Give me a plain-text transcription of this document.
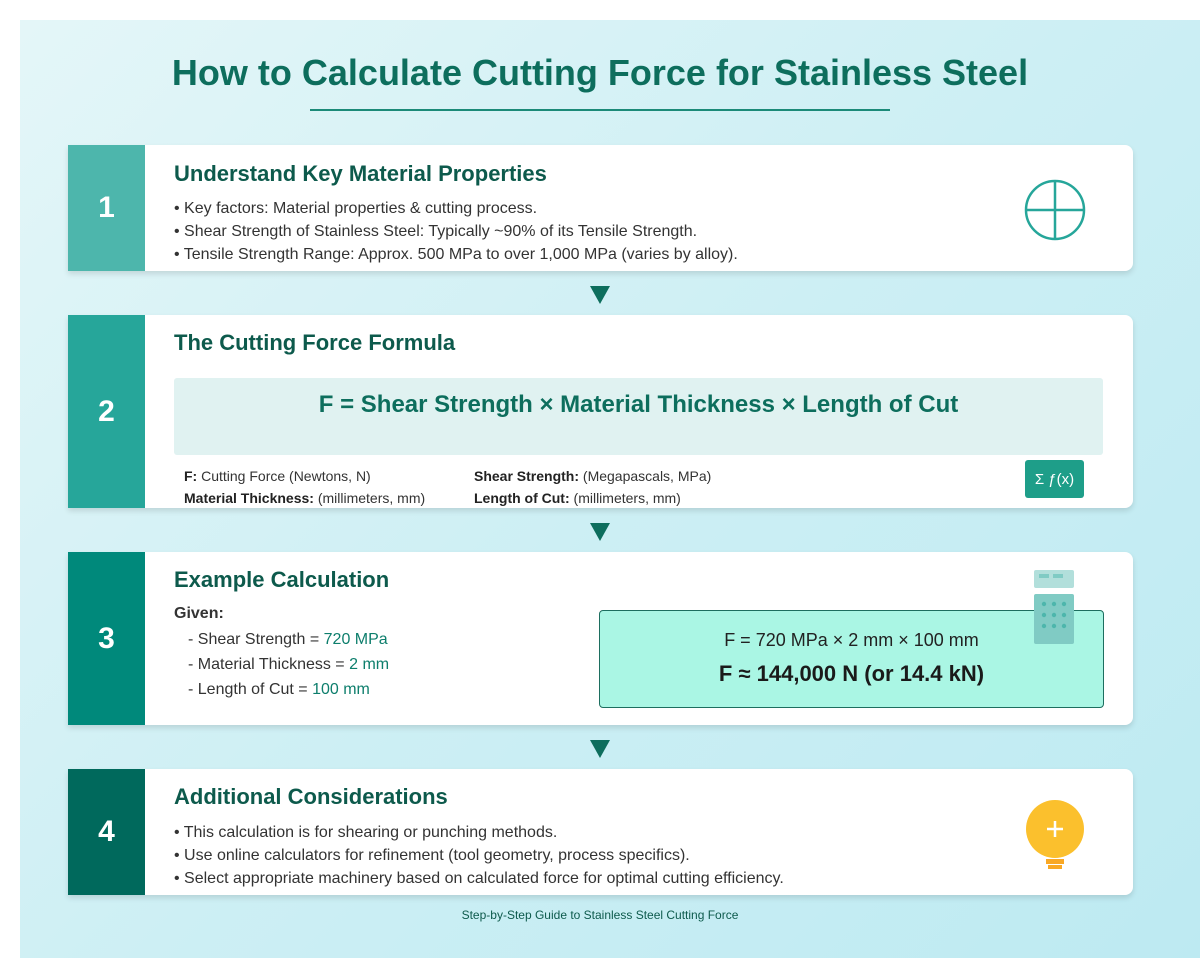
How to Calculate Cutting Force for Stainless Steel
1
Understand Key Material Properties
• Key factors: Material properties & cutting process.
• Shear Strength of Stainless Steel: Typically ~90% of its Tensile Strength.
• Tensile Strength Range: Approx. 500 MPa to over 1,000 MPa (varies by alloy).
2
The Cutting Force Formula
F = Shear Strength × Material Thickness × Length of Cut
F: Cutting Force (Newtons, N)	Shear Strength: (Megapascals, MPa)
Material Thickness: (millimeters, mm)	Length of Cut: (millimeters, mm)
Σ ƒ(x)
3
Example Calculation
Given:
- Shear Strength = 720 MPa
- Material Thickness = 2 mm
- Length of Cut = 100 mm
F = 720 MPa × 2 mm × 100 mm
F ≈ 144,000 N (or 14.4 kN)
4
Additional Considerations
• This calculation is for shearing or punching methods.
• Use online calculators for refinement (tool geometry, process specifics).
• Select appropriate machinery based on calculated force for optimal cutting efficiency.
Step-by-Step Guide to Stainless Steel Cutting Force
